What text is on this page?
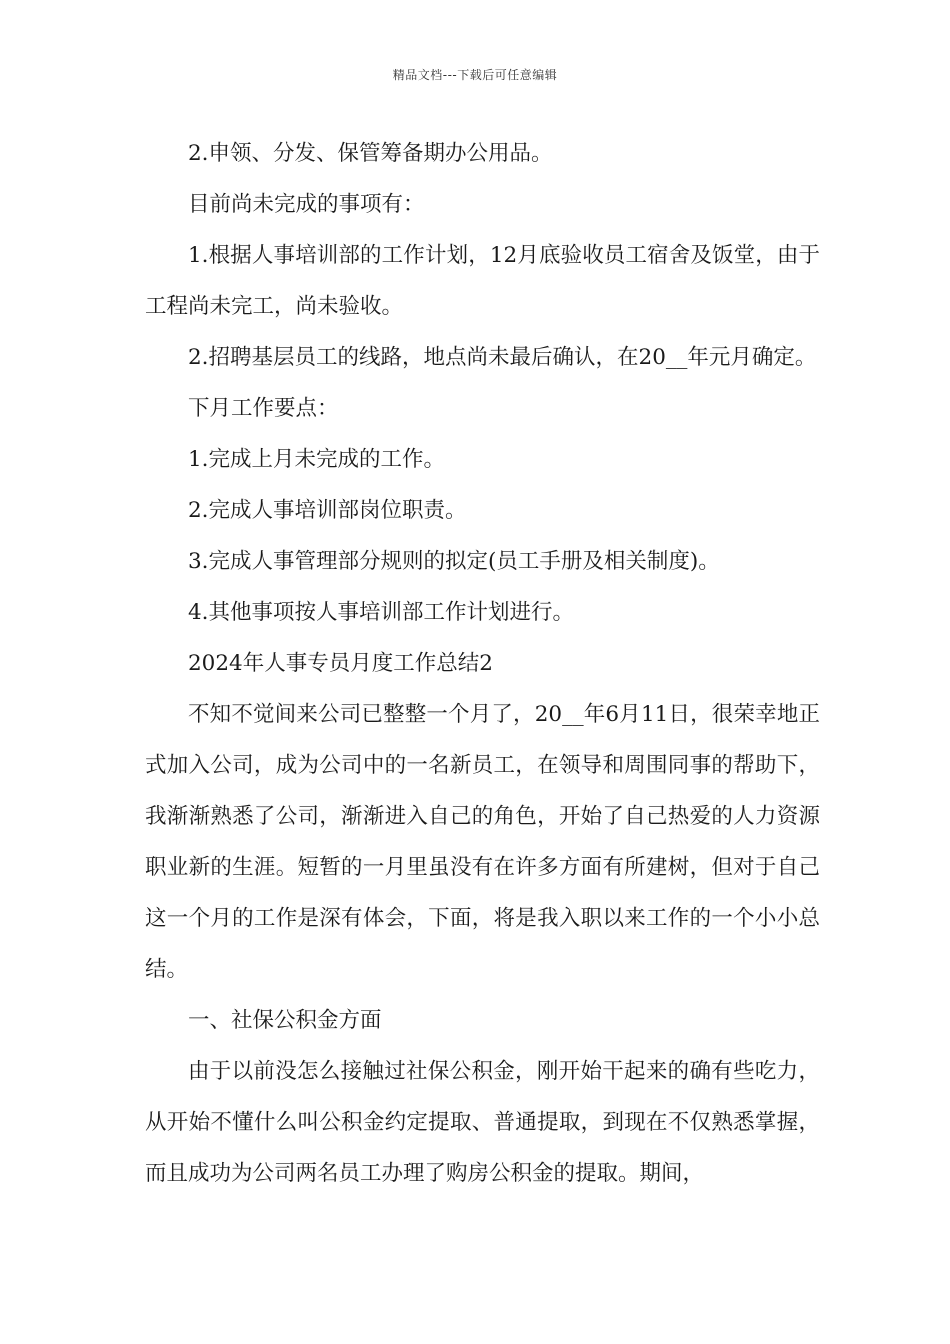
精品文档---下载后可任意编辑

2.申领、分发、保管筹备期办公用品。

目前尚未完成的事项有：

1.根据人事培训部的工作计划，12月底验收员工宿舍及饭堂，由于工程尚未完工，尚未验收。

2.招聘基层员工的线路，地点尚未最后确认，在20__年元月确定。

下月工作要点：

1.完成上月未完成的工作。

2.完成人事培训部岗位职责。

3.完成人事管理部分规则的拟定(员工手册及相关制度)。

4.其他事项按人事培训部工作计划进行。

2024年人事专员月度工作总结2

不知不觉间来公司已整整一个月了，20__年6月11日，很荣幸地正式加入公司，成为公司中的一名新员工，在领导和周围同事的帮助下，我渐渐熟悉了公司，渐渐进入自己的角色，开始了自己热爱的人力资源职业新的生涯。短暂的一月里虽没有在许多方面有所建树，但对于自己这一个月的工作是深有体会，下面，将是我入职以来工作的一个小小总结。

一、社保公积金方面

由于以前没怎么接触过社保公积金，刚开始干起来的确有些吃力，从开始不懂什么叫公积金约定提取、普通提取，到现在不仅熟悉掌握，而且成功为公司两名员工办理了购房公积金的提取。期间，
